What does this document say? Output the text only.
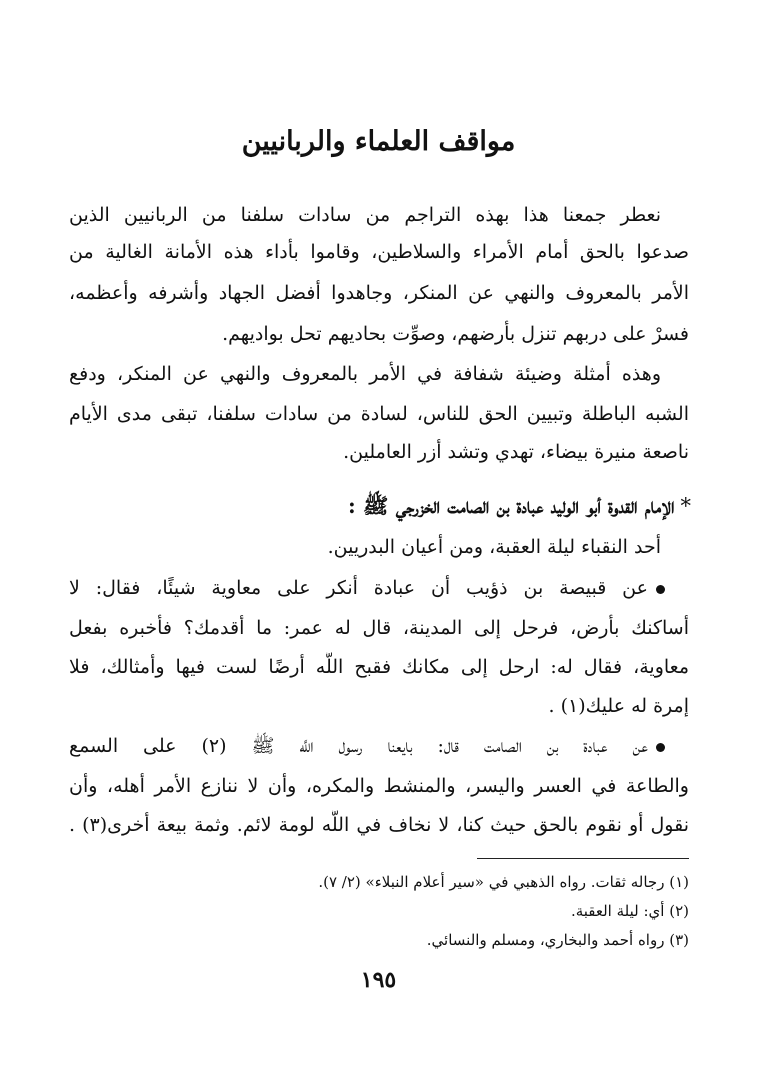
مواقف العلماء والربانيين
نعطر جمعنا هذا بهذه التراجم من سادات سلفنا من الربانيين الذين
صدعوا بالحق أمام الأمراء والسلاطين، وقاموا بأداء هذه الأمانة الغالية من
الأمر بالمعروف والنهي عن المنكر، وجاهدوا أفضل الجهاد وأشرفه وأعظمه،
فسرْ على دربهم تنزل بأرضهم، وصوِّت بحاديهم تحل بواديهم.
وهذه أمثلة وضيئة شفافة في الأمر بالمعروف والنهي عن المنكر، ودفع
الشبه الباطلة وتبيين الحق للناس، لسادة من سادات سلفنا، تبقى مدى الأيام
ناصعة منيرة بيضاء، تهدي وتشد أزر العاملين.
*الإمام القدوة أبو الوليد عبادة بن الصامت الخزرجي ﷺ :
أحد النقباء ليلة العقبة، ومن أعيان البدريين.
عن قبيصة بن ذؤيب أن عبادة أنكر على معاوية شيئًا، فقال: لا
أساكنك بأرض، فرحل إلى المدينة، قال له عمر: ما أقدمك؟ فأخبره بفعل
معاوية، فقال له: ارحل إلى مكانك فقبح اللَّه أرضًا لست فيها وأمثالك، فلا
إمرة له عليك(١) .
عن عبادة بن الصامت قال: بايعنا رسول اللَّه ﷺ (٢) على السمع
والطاعة في العسر واليسر، والمنشط والمكره، وأن لا ننازع الأمر أهله، وأن
نقول أو نقوم بالحق حيث كنا، لا نخاف في اللَّه لومة لائم. وثمة بيعة أخرى(٣) .
(١) رجاله ثقات. رواه الذهبي في «سير أعلام النبلاء» (٢/ ٧).
(٢) أي: ليلة العقبة.
(٣) رواه أحمد والبخاري، ومسلم والنسائي.
١٩٥
